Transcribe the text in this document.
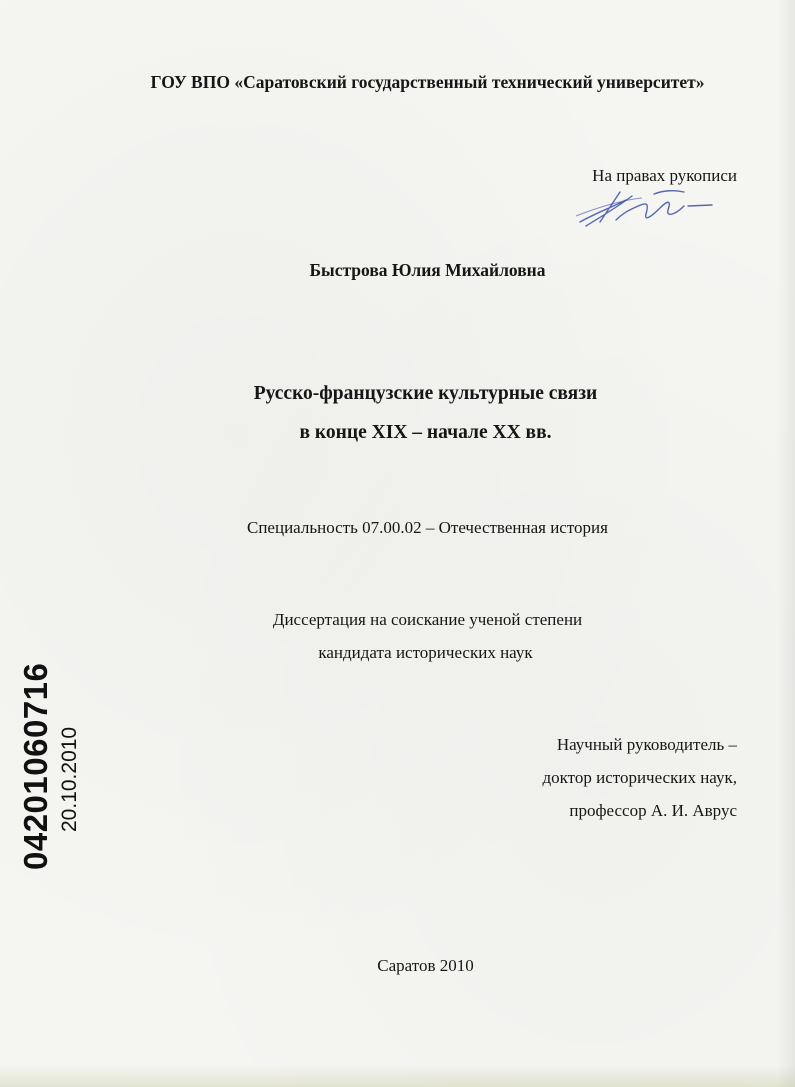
ГОУ ВПО «Саратовский государственный технический университет»
На правах рукописи
Быстрова Юлия Михайловна
Русско-французские культурные связи
в конце XIX – начале XX вв.
Специальность 07.00.02 – Отечественная история
Диссертация на соискание ученой степени
кандидата исторических наук
Научный руководитель –
доктор исторических наук,
профессор А. И. Аврус
Саратов 2010
04201060716 20.10.2010
